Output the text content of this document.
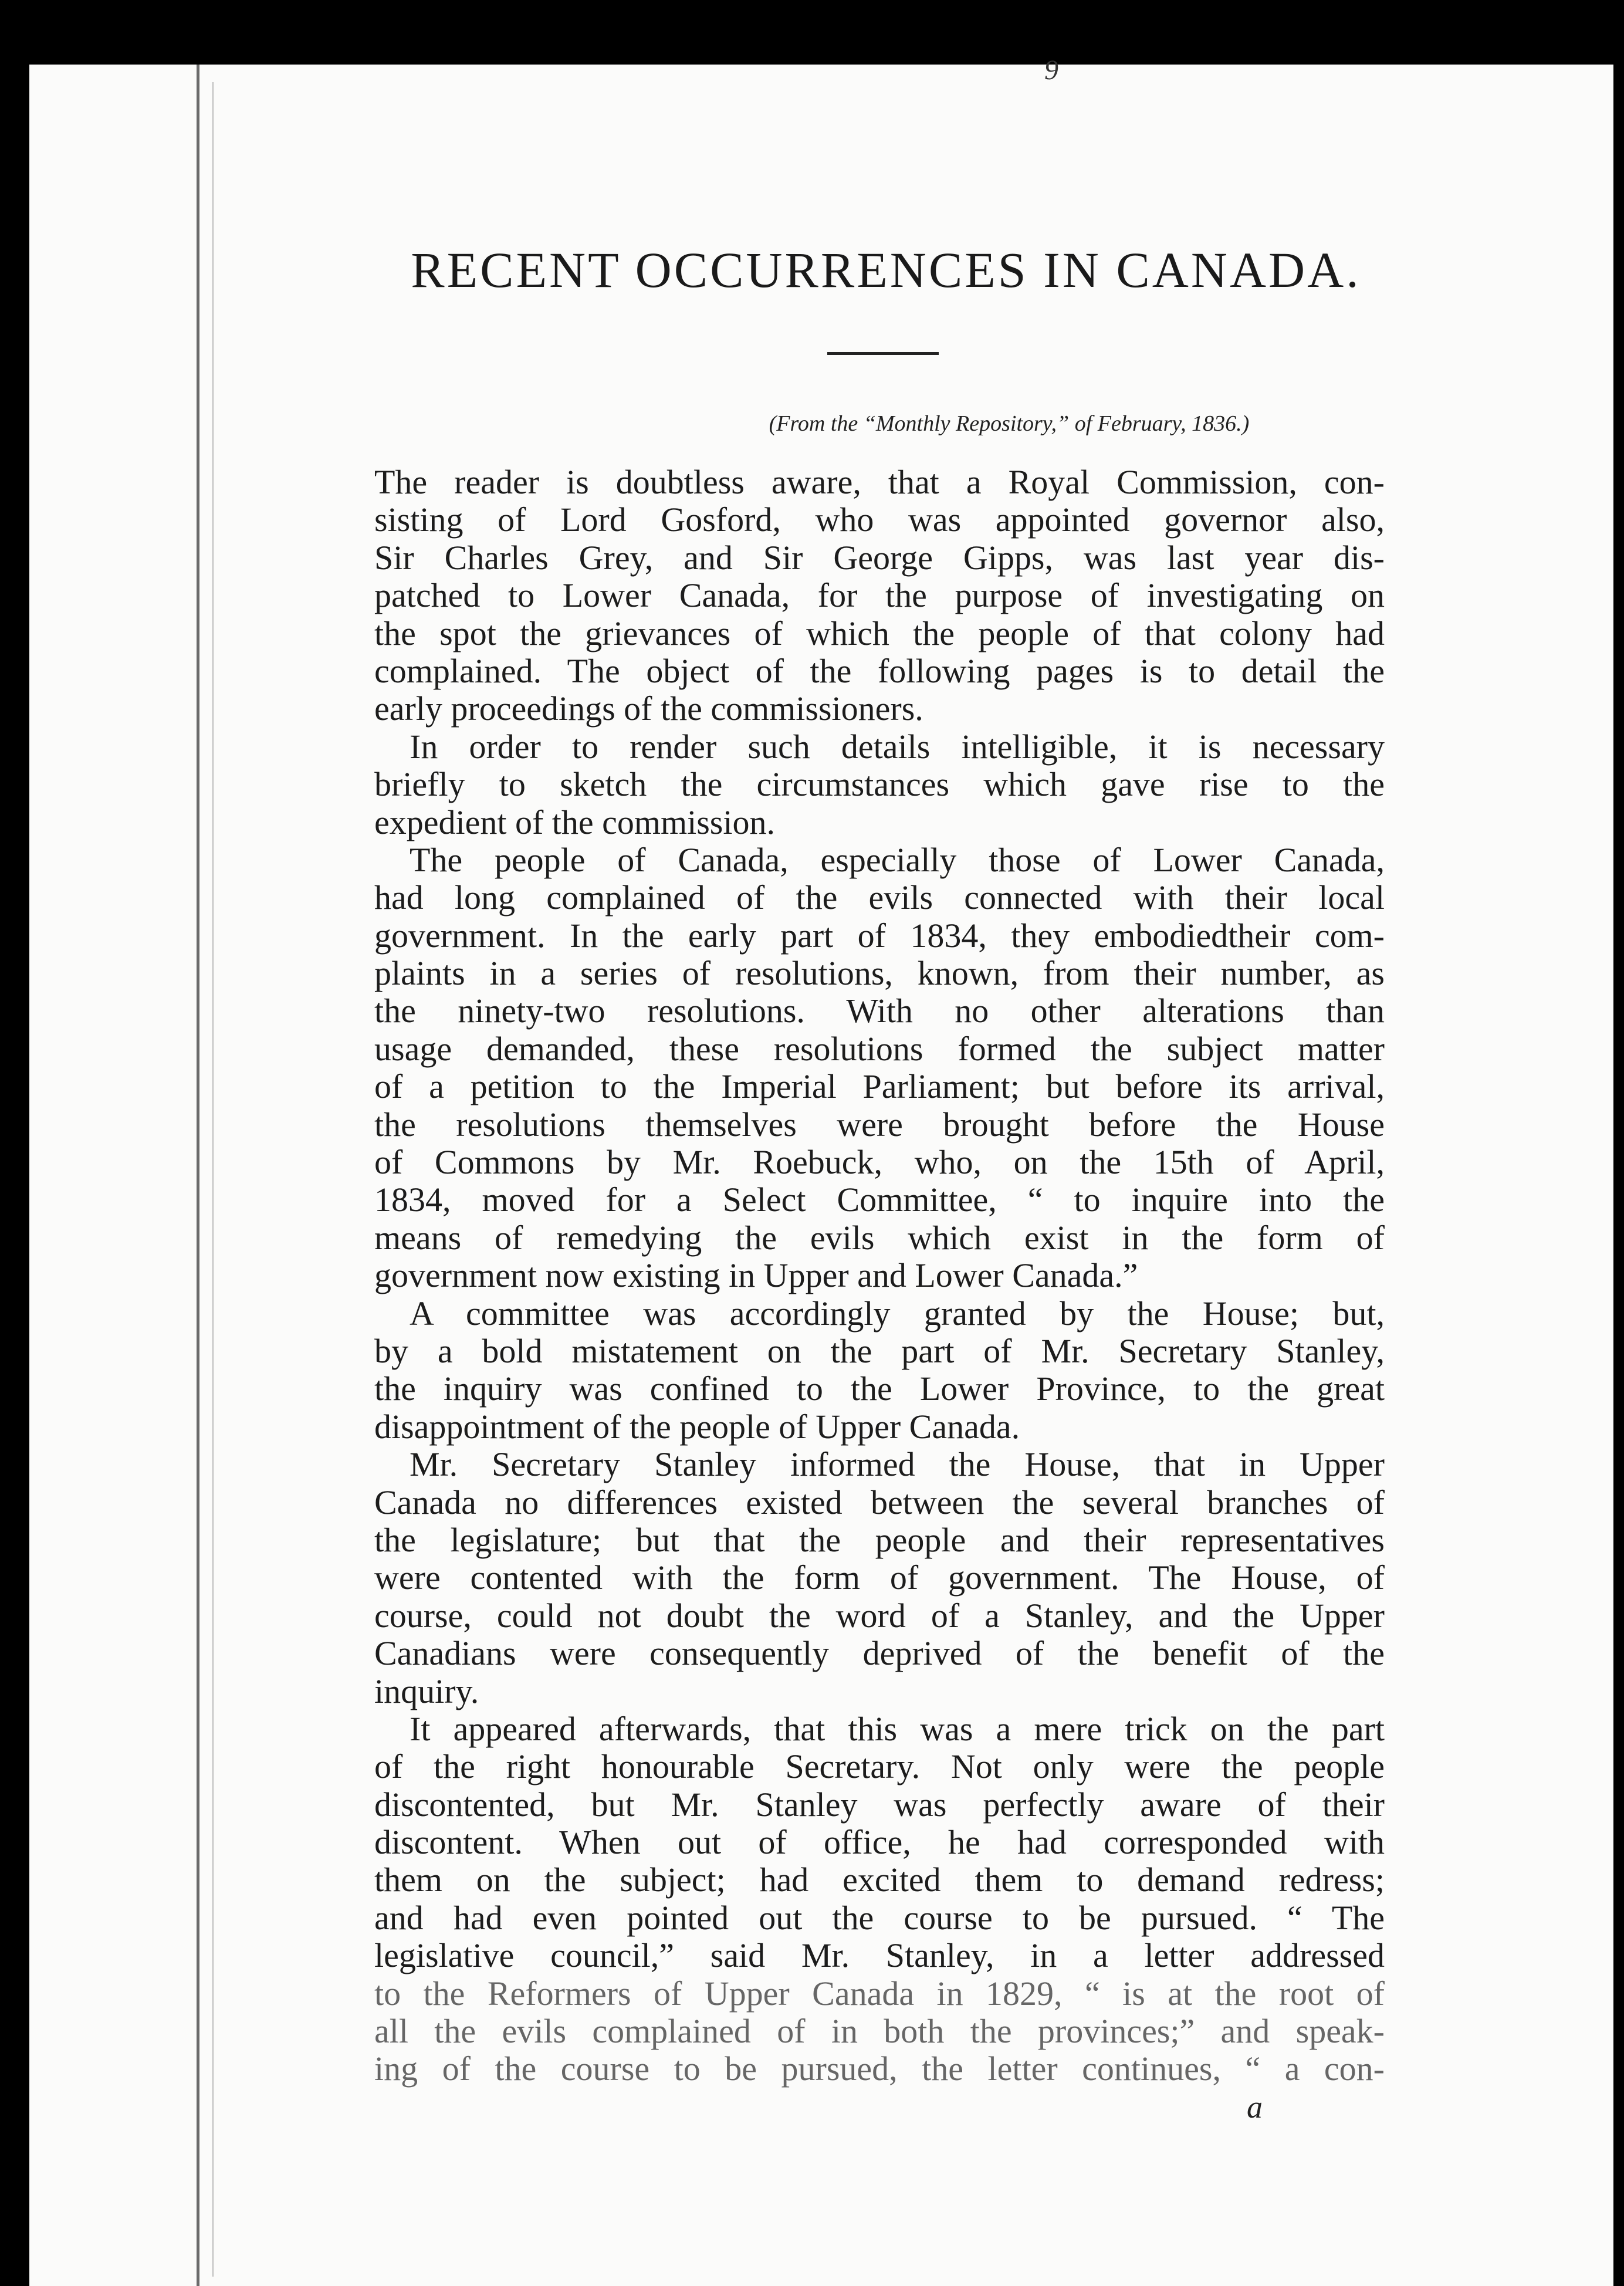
9
RECENT OCCURRENCES IN CANADA.
(From the “Monthly Repository,” of February, 1836.)
The reader is doubtless aware, that a Royal Commission, con-
sisting of Lord Gosford, who was appointed governor also,
Sir Charles Grey, and Sir George Gipps, was last year dis-
patched to Lower Canada, for the purpose of investigating on
the spot the grievances of which the people of that colony had
complained. The object of the following pages is to detail the
early proceedings of the commissioners.
In order to render such details intelligible, it is necessary
briefly to sketch the circumstances which gave rise to the
expedient of the commission.
The people of Canada, especially those of Lower Canada,
had long complained of the evils connected with their local
government. In the early part of 1834, they embodiedtheir com-
plaints in a series of resolutions, known, from their number, as
the ninety-two resolutions. With no other alterations than
usage demanded, these resolutions formed the subject matter
of a petition to the Imperial Parliament; but before its arrival,
the resolutions themselves were brought before the House
of Commons by Mr. Roebuck, who, on the 15th of April,
1834, moved for a Select Committee, “ to inquire into the
means of remedying the evils which exist in the form of
government now existing in Upper and Lower Canada.”
A committee was accordingly granted by the House; but,
by a bold mistatement on the part of Mr. Secretary Stanley,
the inquiry was confined to the Lower Province, to the great
disappointment of the people of Upper Canada.
Mr. Secretary Stanley informed the House, that in Upper
Canada no differences existed between the several branches of
the legislature; but that the people and their representatives
were contented with the form of government. The House, of
course, could not doubt the word of a Stanley, and the Upper
Canadians were consequently deprived of the benefit of the
inquiry.
It appeared afterwards, that this was a mere trick on the part
of the right honourable Secretary. Not only were the people
discontented, but Mr. Stanley was perfectly aware of their
discontent. When out of office, he had corresponded with
them on the subject; had excited them to demand redress;
and had even pointed out the course to be pursued. “ The
legislative council,” said Mr. Stanley, in a letter addressed
to the Reformers of Upper Canada in 1829, “ is at the root of
all the evils complained of in both the provinces;” and speak-
ing of the course to be pursued, the letter continues, “ a con-
a
